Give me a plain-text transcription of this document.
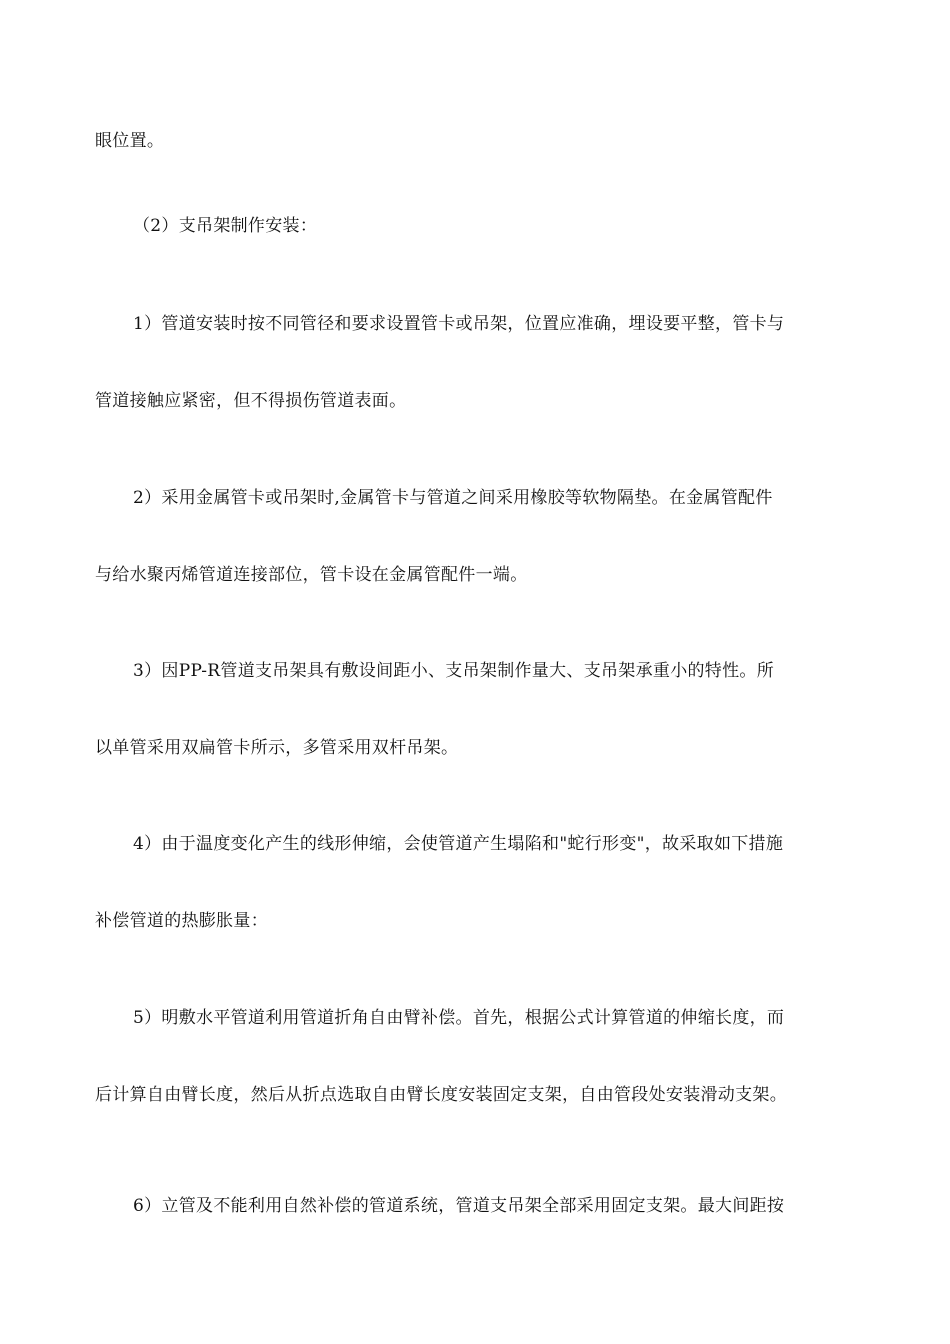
眼位置。

（2）支吊架制作安装：

1）管道安装时按不同管径和要求设置管卡或吊架，位置应准确，埋设要平整，管卡与

管道接触应紧密，但不得损伤管道表面。

2）采用金属管卡或吊架时,金属管卡与管道之间采用橡胶等软物隔垫。在金属管配件

与给水聚丙烯管道连接部位，管卡设在金属管配件一端。

3）因PP-R管道支吊架具有敷设间距小、支吊架制作量大、支吊架承重小的特性。所

以单管采用双扁管卡所示，多管采用双杆吊架。

4）由于温度变化产生的线形伸缩，会使管道产生塌陷和"蛇行形变"，故采取如下措施

补偿管道的热膨胀量：

5）明敷水平管道利用管道折角自由臂补偿。首先，根据公式计算管道的伸缩长度，而

后计算自由臂长度，然后从折点选取自由臂长度安装固定支架，自由管段处安装滑动支架。

6）立管及不能利用自然补偿的管道系统，管道支吊架全部采用固定支架。最大间距按
